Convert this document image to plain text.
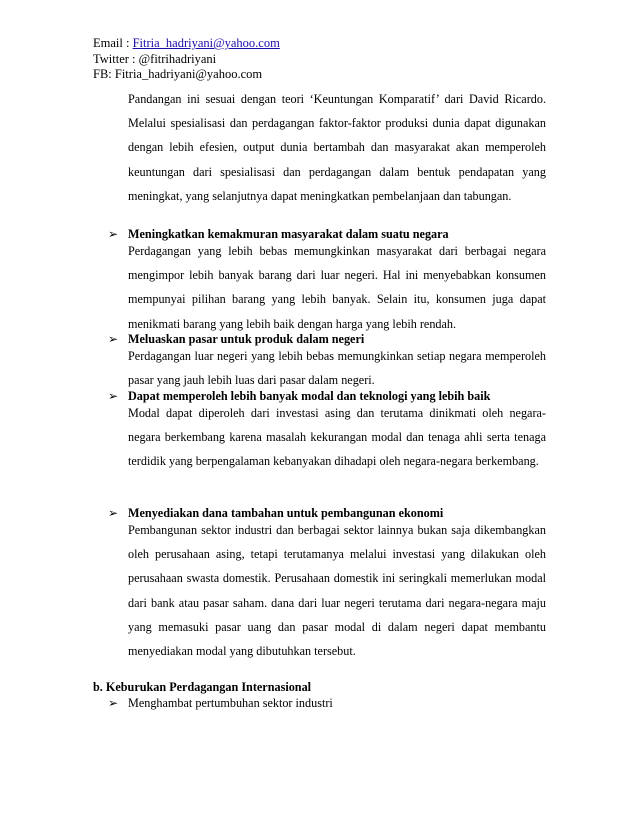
Email : Fitria_hadriyani@yahoo.com
Twitter : @fitrihadriyani
FB: Fitria_hadriyani@yahoo.com
Pandangan ini sesuai dengan teori ‘Keuntungan Komparatif’ dari David Ricardo. Melalui spesialisasi dan perdagangan faktor-faktor produksi dunia dapat digunakan dengan lebih efesien, output dunia bertambah dan masyarakat akan memperoleh keuntungan dari spesialisasi dan perdagangan dalam bentuk pendapatan yang meningkat, yang selanjutnya dapat meningkatkan pembelanjaan dan tabungan.
➢ Meningkatkan kemakmuran masyarakat dalam suatu negara
Perdagangan yang lebih bebas memungkinkan masyarakat dari berbagai negara mengimpor lebih banyak barang dari luar negeri. Hal ini menyebabkan konsumen mempunyai pilihan barang yang lebih banyak. Selain itu, konsumen juga dapat menikmati barang yang lebih baik dengan harga yang lebih rendah.
➢ Meluaskan pasar untuk produk dalam negeri
Perdagangan luar negeri yang lebih bebas memungkinkan setiap negara memperoleh pasar yang jauh lebih luas dari pasar dalam negeri.
➢ Dapat memperoleh lebih banyak modal dan teknologi yang lebih baik
Modal dapat diperoleh dari investasi asing dan terutama dinikmati oleh negara-negara berkembang karena masalah kekurangan modal dan tenaga ahli serta tenaga terdidik yang berpengalaman kebanyakan dihadapi oleh negara-negara berkembang.
➢ Menyediakan dana tambahan untuk pembangunan ekonomi
Pembangunan sektor industri dan berbagai sektor lainnya bukan saja dikembangkan oleh perusahaan asing, tetapi terutamanya melalui investasi yang dilakukan oleh perusahaan swasta domestik. Perusahaan domestik ini seringkali memerlukan modal dari bank atau pasar saham. dana dari luar negeri terutama dari negara-negara maju yang memasuki pasar uang dan pasar modal di dalam negeri dapat membantu menyediakan modal yang dibutuhkan tersebut.
b. Keburukan Perdagangan Internasional
➢ Menghambat pertumbuhan sektor industri
